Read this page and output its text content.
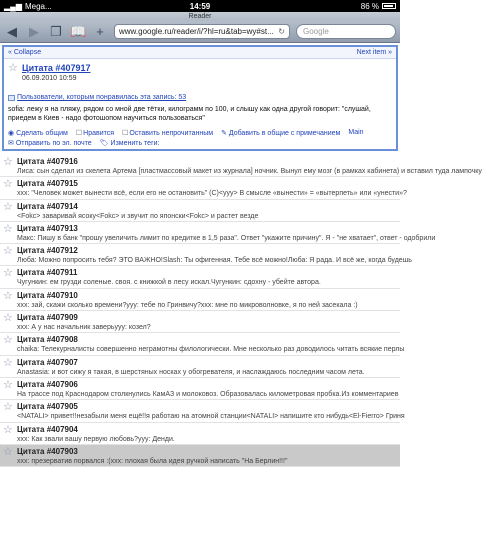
▂▄▆ Mega...	14:59	86 %
Reader
◀ ▶ ❐ 📖 +	www.google.ru/reader/i/?hl=ru&tab=wy#st... ↻	Google
« Collapse	Next item »
☆ Цитата #407917
06.09.2010 10:59
Пользователи, которым понравилась эта запись: 53
sofia: лежу я на пляжу, рядом со мной две тётки, килограмм по 100, и слышу как одна другой говорит: "слушай, приедем в Киев - надо фотошопом научиться пользоваться"
◉ Сделать общим	☐ Нравится	☐ Оставить непрочитанным ✎ Добавить в общие с примечанием Main
✉ Отправить по эл. почте 🏷 Изменить теги:
☆ Цитата #407916
Лиса: сын сделал из скелета Артема [пластмассовый макет из журнала] ночник. Вынул ему мозг (в рамках кабинета) и вставил туда лампочку
☆ Цитата #407915
xxx: "Человек может вынести всё, если его не остановить" (C)<ууу> В смысле «вынести» = «вытерпеть» или «унести»?
☆ Цитата #407914
<Fokc> заваривай ясоку<Fokc> и звучит по японски<Fokc> и растет везде
☆ Цитата #407913
Макс: Пишу в банк "прошу увеличить лимит по кредитке в 1,5 раза". Ответ "укажите причину". Я - "не хватает", ответ - одобрили
☆ Цитата #407912
Люба: Можно попросить тебя? ЭТО ВАЖНО!Slash: Ты офигенная. Тебе всё можно!Люба: Я рада. И всё же, когда будешь
☆ Цитата #407911
Чугункин: ем грузди соленые. своя. с книжкой в лесу искал.Чугункин: сдохну - убейте автора.
☆ Цитата #407910
xxx: зай, скажи сколько времени?ууу: тебе по Гринвичу?xxx: мне по микроволновке, я по ней засекала :)
☆ Цитата #407909
xxx: А у нас начальник заверьууу: козел?
☆ Цитата #407908
chaika: Телекурналисты совершенно неграмотны филологически. Мне несколько раз доводилось читать всякие перлы
☆ Цитата #407907
Anastasia: и вот сижу я такая, в шерстяных носках у обогревателя, и наслаждаюсь последним часом лета.
☆ Цитата #407906
На трассе под Краснодаром столкнулись КамАЗ и молоковоз. Образовалась километровая пробка.Из комментариев
☆ Цитата #407905
<NATALI> привет!!незабыли меня ещё!!я работаю на атомной станции<NATALI> напишите кто нибудь<El-Fierro> Гриня
☆ Цитата #407904
xxx: Как звали вашу первую любовь?ууу: Денди.
☆ Цитата #407903
xxx: презерватив порвался :(xxx: плохая была идея ручкой написать "На Берлин!!!"
